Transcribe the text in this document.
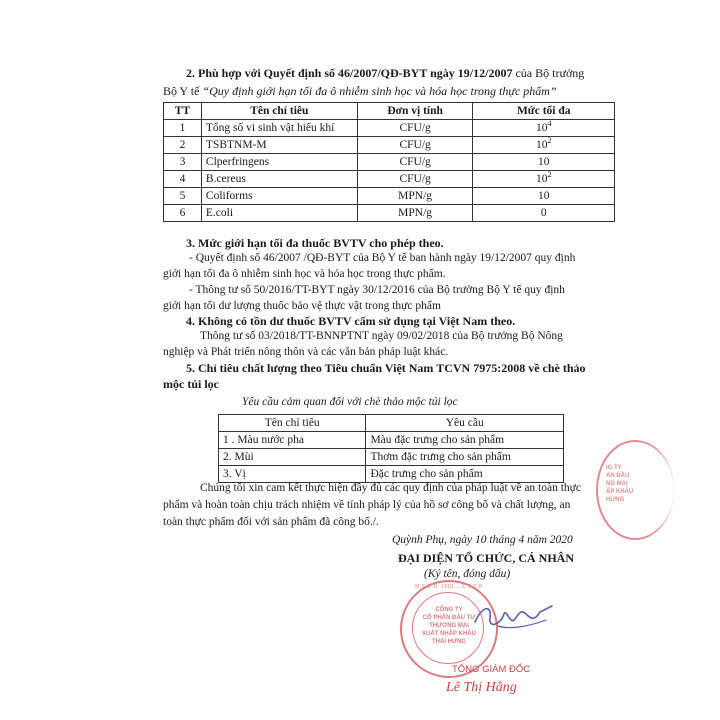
2. Phù hợp với Quyết định số 46/2007/QĐ-BYT ngày 19/12/2007 của Bộ trưởng
Bộ Y tế “Quy định giới hạn tối đa ô nhiễm sinh học và hóa học trong thực phẩm”
TT	Tên chỉ tiêu	Đơn vị tính	Mức tối đa
1	Tổng số vi sinh vật hiếu khí	CFU/g	$10^4$
2	TSBTNM-M	CFU/g	$10^2$
3	Clperfringens	CFU/g	10
4	B.cereus	CFU/g	$10^2$
5	Coliforms	MPN/g	10
6	E.coli	MPN/g	0
3. Mức giới hạn tối đa thuốc BVTV cho phép theo.
- Quyết định số 46/2007 /QĐ-BYT của Bộ Y tế ban hành ngày 19/12/2007 quy định
giới hạn tối đa ô nhiễm sinh học và hóa học trong thực phẩm.
- Thông tư số 50/2016/TT-BYT ngày 30/12/2016 của Bộ trưởng Bộ Y tế quy định
giới hạn tối dư lượng thuốc bảo vệ thực vật trong thực phẩm
4. Không có tồn dư thuốc BVTV cấm sử dụng tại Việt Nam theo.
Thông tư số 03/2018/TT-BNNPTNT ngày 09/02/2018 của Bộ trưởng Bộ Nông
nghiệp và Phát triển nông thôn và các văn bản pháp luật khác.
5. Chỉ tiêu chất lượng theo Tiêu chuẩn Việt Nam TCVN 7975:2008 về chè thảo
mộc túi lọc
Yêu cầu cảm quan đối với chè thảo mộc túi lọc
Tên chỉ tiêu	Yêu cầu
1 . Màu nước pha	Màu đặc trưng cho sản phẩm
2. Mùi	Thơm đặc trưng cho sản phẩm
3. Vị	Đặc trưng cho sản phẩm
Chúng tôi xin cam kết thực hiện đầy đủ các quy định của pháp luật về an toàn thực
phẩm và hoàn toàn chịu trách nhiệm về tính pháp lý của hồ sơ công bố và chất lượng, an
toàn thực phẩm đối với sản phẩm đã công bố./.
Quỳnh Phụ, ngày 10 tháng 4 năm 2020
ĐẠI DIỆN TỔ CHỨC, CÁ NHÂN
(Ký tên, đóng dấu)
M.S.D.N: 1001... C.T.C.P
CÔNG TY
CỔ PHẦN ĐẦU TƯ
THƯƠNG MẠI
XUẤT NHẬP KHẨU
THÁI HƯNG
IG TY
AN ĐẦU
NG MẠI
ẬP KHẨU
HƯNG
TỔNG GIÁM ĐỐC
Lê Thị Hằng
